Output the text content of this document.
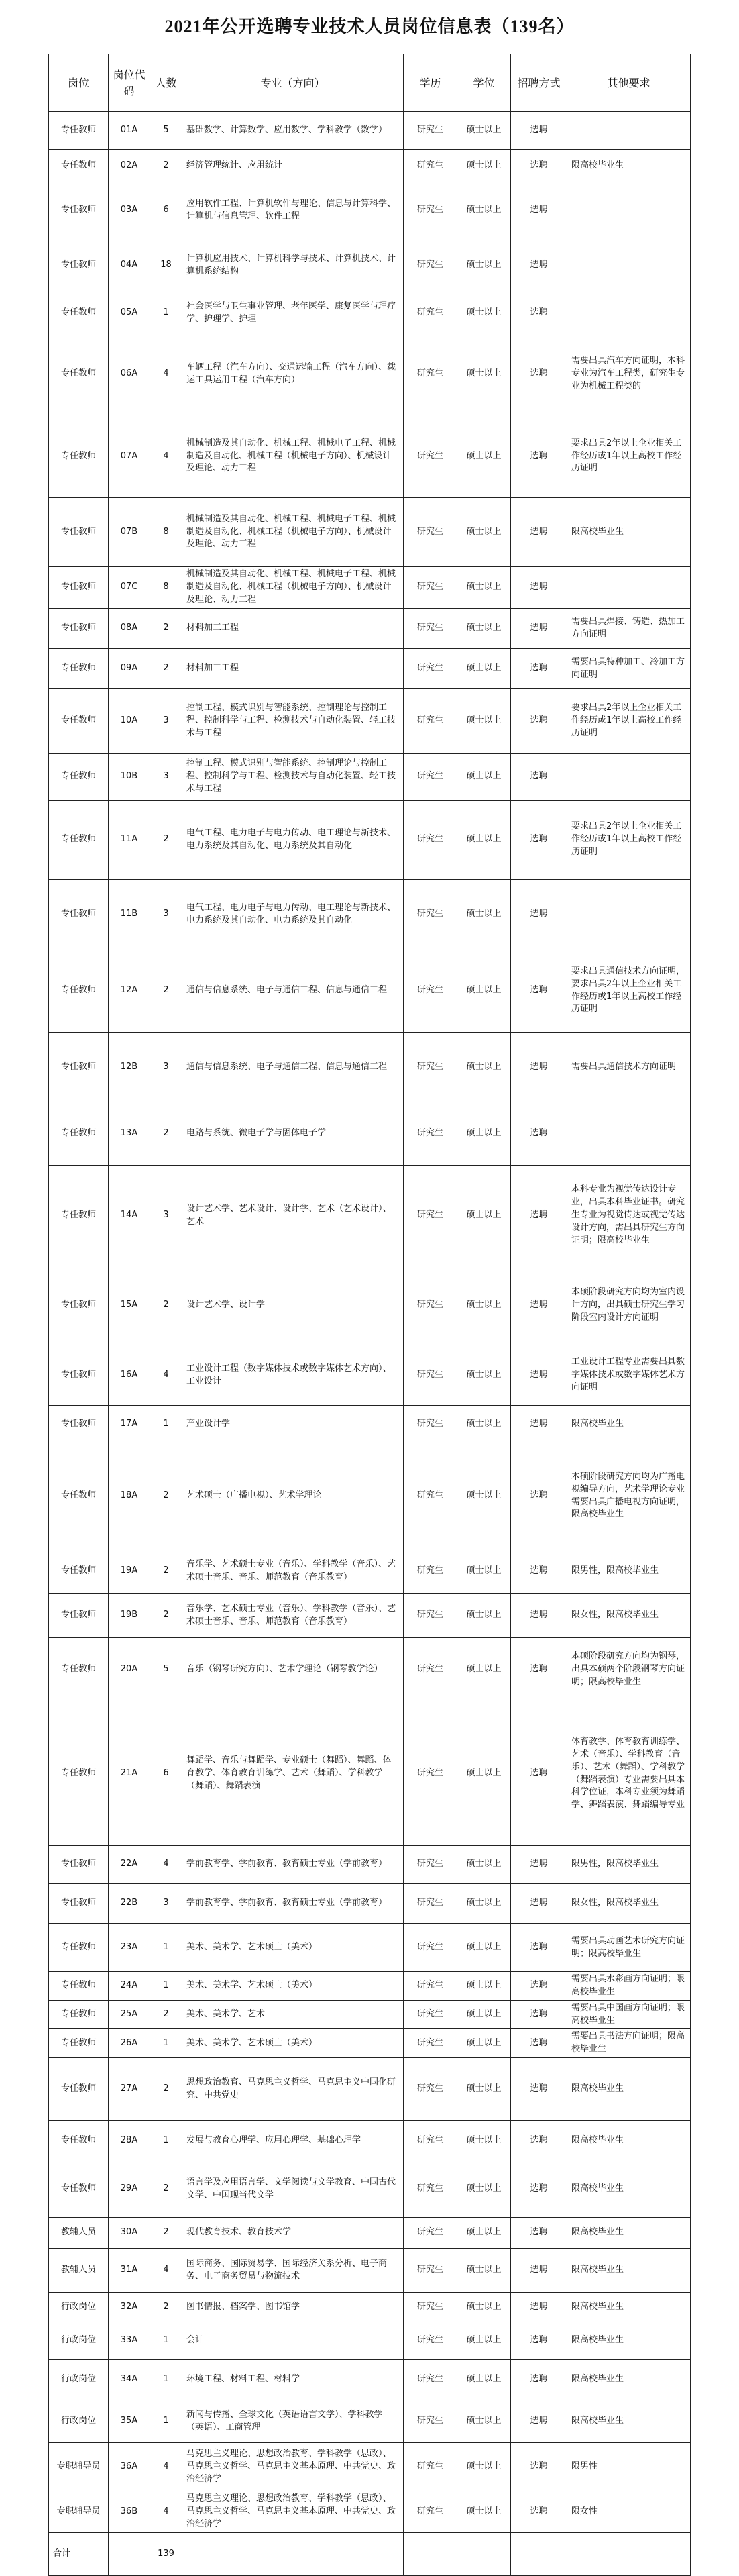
2021年公开选聘专业技术人员岗位信息表（139名）
岗位	岗位代码	人数	专业（方向）	学历	学位	招聘方式	其他要求
专任教师	01A	5	基础数学、计算数学、应用数学、学科教学（数学）	研究生	硕士以上	选聘	
专任教师	02A	2	经济管理统计、应用统计	研究生	硕士以上	选聘	限高校毕业生
专任教师	03A	6	应用软件工程、计算机软件与理论、信息与计算科学、计算机与信息管理、软件工程	研究生	硕士以上	选聘	
专任教师	04A	18	计算机应用技术、计算机科学与技术、计算机技术、计算机系统结构	研究生	硕士以上	选聘	
专任教师	05A	1	社会医学与卫生事业管理、老年医学、康复医学与理疗学、护理学、护理	研究生	硕士以上	选聘	
专任教师	06A	4	车辆工程（汽车方向）、交通运输工程（汽车方向）、载运工具运用工程（汽车方向）	研究生	硕士以上	选聘	需要出具汽车方向证明，本科专业为汽车工程类，研究生专业为机械工程类的
专任教师	07A	4	机械制造及其自动化、机械工程、机械电子工程、机械制造及自动化、机械工程（机械电子方向）、机械设计及理论、动力工程	研究生	硕士以上	选聘	要求出具2年以上企业相关工作经历或1年以上高校工作经历证明
专任教师	07B	8	机械制造及其自动化、机械工程、机械电子工程、机械制造及自动化、机械工程（机械电子方向）、机械设计及理论、动力工程	研究生	硕士以上	选聘	限高校毕业生
专任教师	07C	8	机械制造及其自动化、机械工程、机械电子工程、机械制造及自动化、机械工程（机械电子方向）、机械设计及理论、动力工程	研究生	硕士以上	选聘	
专任教师	08A	2	材料加工工程	研究生	硕士以上	选聘	需要出具焊接、铸造、热加工方向证明
专任教师	09A	2	材料加工工程	研究生	硕士以上	选聘	需要出具特种加工、冷加工方向证明
专任教师	10A	3	控制工程、模式识别与智能系统、控制理论与控制工程、控制科学与工程、检测技术与自动化装置、轻工技术与工程	研究生	硕士以上	选聘	要求出具2年以上企业相关工作经历或1年以上高校工作经历证明
专任教师	10B	3	控制工程、模式识别与智能系统、控制理论与控制工程、控制科学与工程、检测技术与自动化装置、轻工技术与工程	研究生	硕士以上	选聘	
专任教师	11A	2	电气工程、电力电子与电力传动、电工理论与新技术、电力系统及其自动化、电力系统及其自动化	研究生	硕士以上	选聘	要求出具2年以上企业相关工作经历或1年以上高校工作经历证明
专任教师	11B	3	电气工程、电力电子与电力传动、电工理论与新技术、电力系统及其自动化、电力系统及其自动化	研究生	硕士以上	选聘	
专任教师	12A	2	通信与信息系统、电子与通信工程、信息与通信工程	研究生	硕士以上	选聘	要求出具通信技术方向证明，要求出具2年以上企业相关工作经历或1年以上高校工作经历证明
专任教师	12B	3	通信与信息系统、电子与通信工程、信息与通信工程	研究生	硕士以上	选聘	需要出具通信技术方向证明
专任教师	13A	2	电路与系统、微电子学与固体电子学	研究生	硕士以上	选聘	
专任教师	14A	3	设计艺术学、艺术设计、设计学、艺术（艺术设计）、艺术	研究生	硕士以上	选聘	本科专业为视觉传达设计专业，出具本科毕业证书。研究生专业为视觉传达或视觉传达设计方向，需出具研究生方向证明；限高校毕业生
专任教师	15A	2	设计艺术学、设计学	研究生	硕士以上	选聘	本硕阶段研究方向均为室内设计方向，出具硕士研究生学习阶段室内设计方向证明
专任教师	16A	4	工业设计工程（数字媒体技术或数字媒体艺术方向）、工业设计	研究生	硕士以上	选聘	工业设计工程专业需要出具数字媒体技术或数字媒体艺术方向证明
专任教师	17A	1	产业设计学	研究生	硕士以上	选聘	限高校毕业生
专任教师	18A	2	艺术硕士（广播电视）、艺术学理论	研究生	硕士以上	选聘	本硕阶段研究方向均为广播电视编导方向，艺术学理论专业需要出具广播电视方向证明，限高校毕业生
专任教师	19A	2	音乐学、艺术硕士专业（音乐）、学科教学（音乐）、艺术硕士音乐、音乐、师范教育（音乐教育）	研究生	硕士以上	选聘	限男性，限高校毕业生
专任教师	19B	2	音乐学、艺术硕士专业（音乐）、学科教学（音乐）、艺术硕士音乐、音乐、师范教育（音乐教育）	研究生	硕士以上	选聘	限女性，限高校毕业生
专任教师	20A	5	音乐（钢琴研究方向）、艺术学理论（钢琴教学论）	研究生	硕士以上	选聘	本硕阶段研究方向均为钢琴，出具本硕两个阶段钢琴方向证明；限高校毕业生
专任教师	21A	6	舞蹈学、音乐与舞蹈学、专业硕士（舞蹈）、舞蹈、体育教学、体育教育训练学、艺术（舞蹈）、学科教学（舞蹈）、舞蹈表演	研究生	硕士以上	选聘	体育教学、体育教育训练学、艺术（音乐）、学科教育（音乐）、艺术（舞蹈）、学科教学（舞蹈表演）专业需要出具本科学位证，本科专业须为舞蹈学、舞蹈表演、舞蹈编导专业
专任教师	22A	4	学前教育学、学前教育、教育硕士专业（学前教育）	研究生	硕士以上	选聘	限男性，限高校毕业生
专任教师	22B	3	学前教育学、学前教育、教育硕士专业（学前教育）	研究生	硕士以上	选聘	限女性，限高校毕业生
专任教师	23A	1	美术、美术学、艺术硕士（美术）	研究生	硕士以上	选聘	需要出具动画艺术研究方向证明；限高校毕业生
专任教师	24A	1	美术、美术学、艺术硕士（美术）	研究生	硕士以上	选聘	需要出具水彩画方向证明；限高校毕业生
专任教师	25A	2	美术、美术学、艺术	研究生	硕士以上	选聘	需要出具中国画方向证明；限高校毕业生
专任教师	26A	1	美术、美术学、艺术硕士（美术）	研究生	硕士以上	选聘	需要出具书法方向证明；限高校毕业生
专任教师	27A	2	思想政治教育、马克思主义哲学、马克思主义中国化研究、中共党史	研究生	硕士以上	选聘	限高校毕业生
专任教师	28A	1	发展与教育心理学、应用心理学、基础心理学	研究生	硕士以上	选聘	限高校毕业生
专任教师	29A	2	语言学及应用语言学、文学阅读与文学教育、中国古代文学、中国现当代文学	研究生	硕士以上	选聘	限高校毕业生
教辅人员	30A	2	现代教育技术、教育技术学	研究生	硕士以上	选聘	限高校毕业生
教辅人员	31A	4	国际商务、国际贸易学、国际经济关系分析、电子商务、电子商务贸易与物流技术	研究生	硕士以上	选聘	限高校毕业生
行政岗位	32A	2	图书情报、档案学、图书馆学	研究生	硕士以上	选聘	限高校毕业生
行政岗位	33A	1	会计	研究生	硕士以上	选聘	限高校毕业生
行政岗位	34A	1	环境工程、材料工程、材料学	研究生	硕士以上	选聘	限高校毕业生
行政岗位	35A	1	新闻与传播、全球文化（英语语言文学）、学科教学（英语）、工商管理	研究生	硕士以上	选聘	限高校毕业生
专职辅导员	36A	4	马克思主义理论、思想政治教育、学科教学（思政）、马克思主义哲学、马克思主义基本原理、中共党史、政治经济学	研究生	硕士以上	选聘	限男性
专职辅导员	36B	4	马克思主义理论、思想政治教育、学科教学（思政）、马克思主义哲学、马克思主义基本原理、中共党史、政治经济学	研究生	硕士以上	选聘	限女性
合计		139					
